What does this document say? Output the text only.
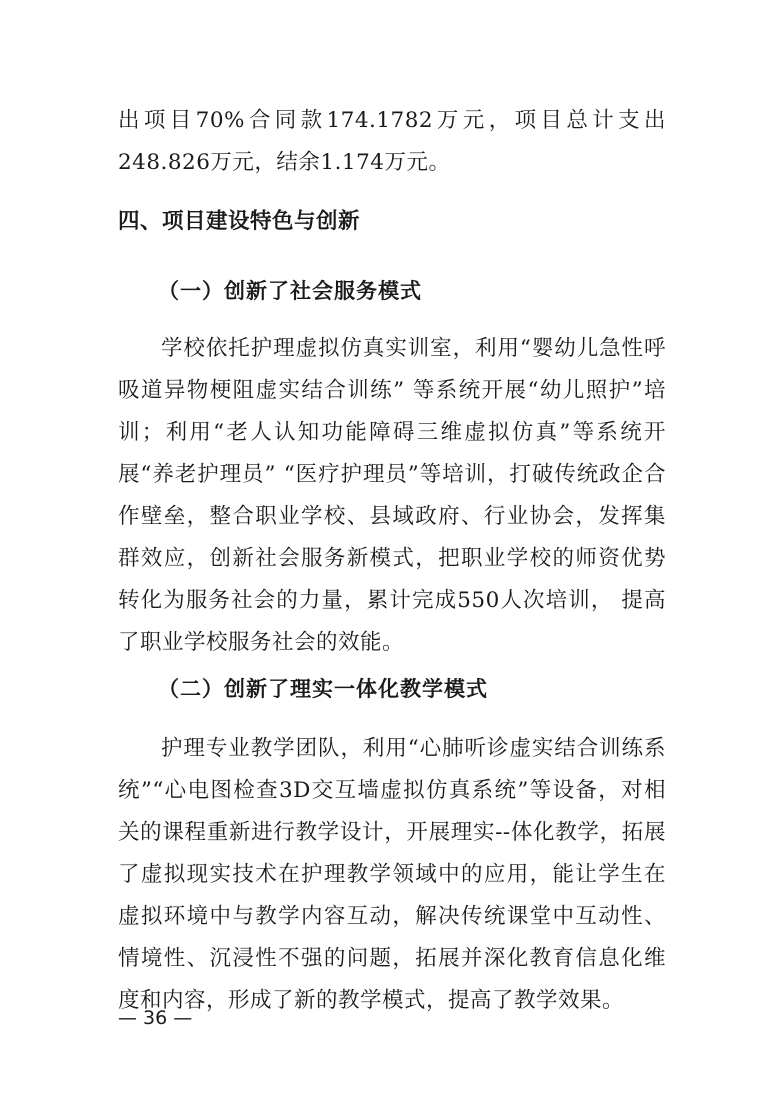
出项目70%合同款174.1782万元，项目总计支出248.826万元，结余1.174万元。

四、项目建设特色与创新
（一）创新了社会服务模式

学校依托护理虚拟仿真实训室，利用“婴幼儿急性呼吸道异物梗阻虚实结合训练” 等系统开展“幼儿照护”培训；利用“老人认知功能障碍三维虚拟仿真”等系统开展“养老护理员” “医疗护理员”等培训，打破传统政企合作壁垒，整合职业学校、县域政府、行业协会，发挥集群效应，创新社会服务新模式，把职业学校的师资优势转化为服务社会的力量，累计完成550人次培训， 提高了职业学校服务社会的效能。

（二）创新了理实一体化教学模式

护理专业教学团队，利用“心肺听诊虚实结合训练系统”“心电图检查3D交互墙虚拟仿真系统”等设备，对相关的课程重新进行教学设计，开展理实--体化教学，拓展了虚拟现实技术在护理教学领域中的应用，能让学生在虚拟环境中与教学内容互动，解决传统课堂中互动性、情境性、沉浸性不强的问题，拓展并深化教育信息化维度和内容，形成了新的教学模式，提高了教学效果。

— 36 —
